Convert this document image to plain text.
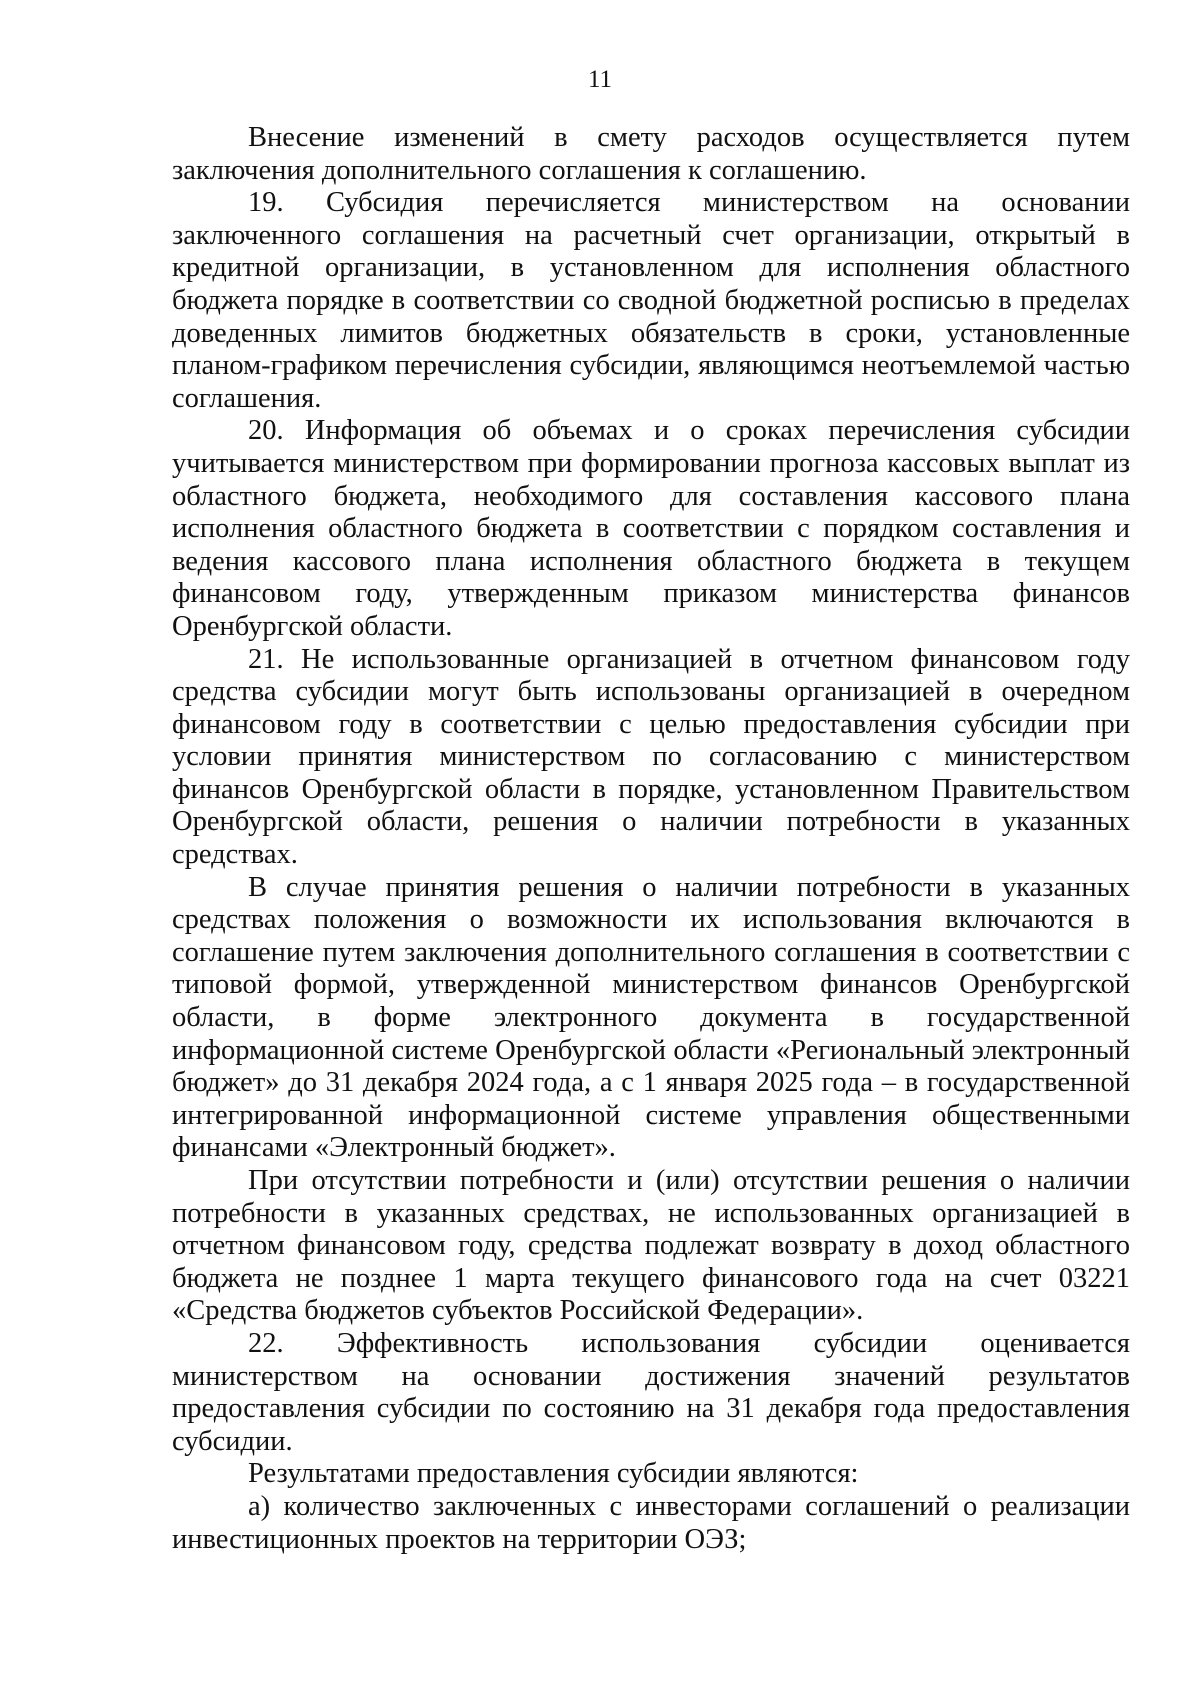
11

Внесение изменений в смету расходов осуществляется путем заключения дополнительного соглашения к соглашению.

19. Субсидия перечисляется министерством на основании заключенного соглашения на расчетный счет организации, открытый в кредитной организации, в установленном для исполнения областного бюджета порядке в соответствии со сводной бюджетной росписью в пределах доведенных лимитов бюджетных обязательств в сроки, установленные планом-графиком перечисления субсидии, являющимся неотъемлемой частью соглашения.

20. Информация об объемах и о сроках перечисления субсидии учитывается министерством при формировании прогноза кассовых выплат из областного бюджета, необходимого для составления кассового плана исполнения областного бюджета в соответствии с порядком составления и ведения кассового плана исполнения областного бюджета в текущем финансовом году, утвержденным приказом министерства финансов Оренбургской области.

21. Не использованные организацией в отчетном финансовом году средства субсидии могут быть использованы организацией в очередном финансовом году в соответствии с целью предоставления субсидии при условии принятия министерством по согласованию с министерством финансов Оренбургской области в порядке, установленном Правительством Оренбургской области, решения о наличии потребности в указанных средствах.

В случае принятия решения о наличии потребности в указанных средствах положения о возможности их использования включаются в соглашение путем заключения дополнительного соглашения в соответствии с типовой формой, утвержденной министерством финансов Оренбургской области, в форме электронного документа в государственной информационной системе Оренбургской области «Региональный электронный бюджет» до 31 декабря 2024 года, а с 1 января 2025 года – в государственной интегрированной информационной системе управления общественными финансами «Электронный бюджет».

При отсутствии потребности и (или) отсутствии решения о наличии потребности в указанных средствах, не использованных организацией в отчетном финансовом году, средства подлежат возврату в доход областного бюджета не позднее 1 марта текущего финансового года на счет 03221 «Средства бюджетов субъектов Российской Федерации».

22. Эффективность использования субсидии оценивается министерством на основании достижения значений результатов предоставления субсидии по состоянию на 31 декабря года предоставления субсидии.

Результатами предоставления субсидии являются:

а) количество заключенных с инвесторами соглашений о реализации инвестиционных проектов на территории ОЭЗ;
